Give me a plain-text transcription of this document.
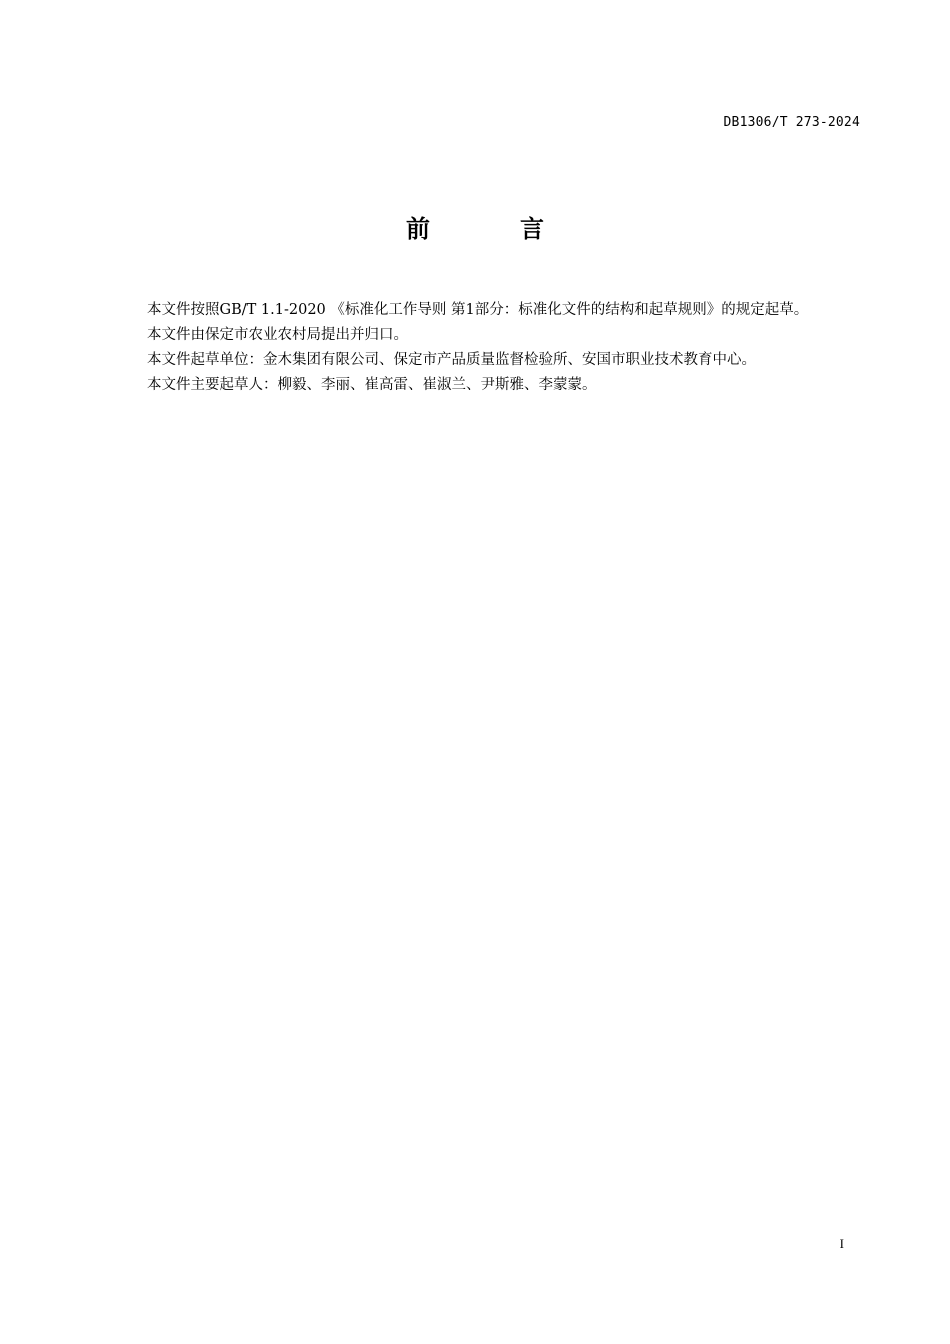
DB1306/T 273-2024
前	言

本文件按照GB/T 1.1-2020 《标准化工作导则 第1部分：标准化文件的结构和起草规则》的规定起草。

本文件由保定市农业农村局提出并归口。

本文件起草单位：金木集团有限公司、保定市产品质量监督检验所、安国市职业技术教育中心。

本文件主要起草人：柳毅、李丽、崔高雷、崔淑兰、尹斯雅、李蒙蒙。

I
